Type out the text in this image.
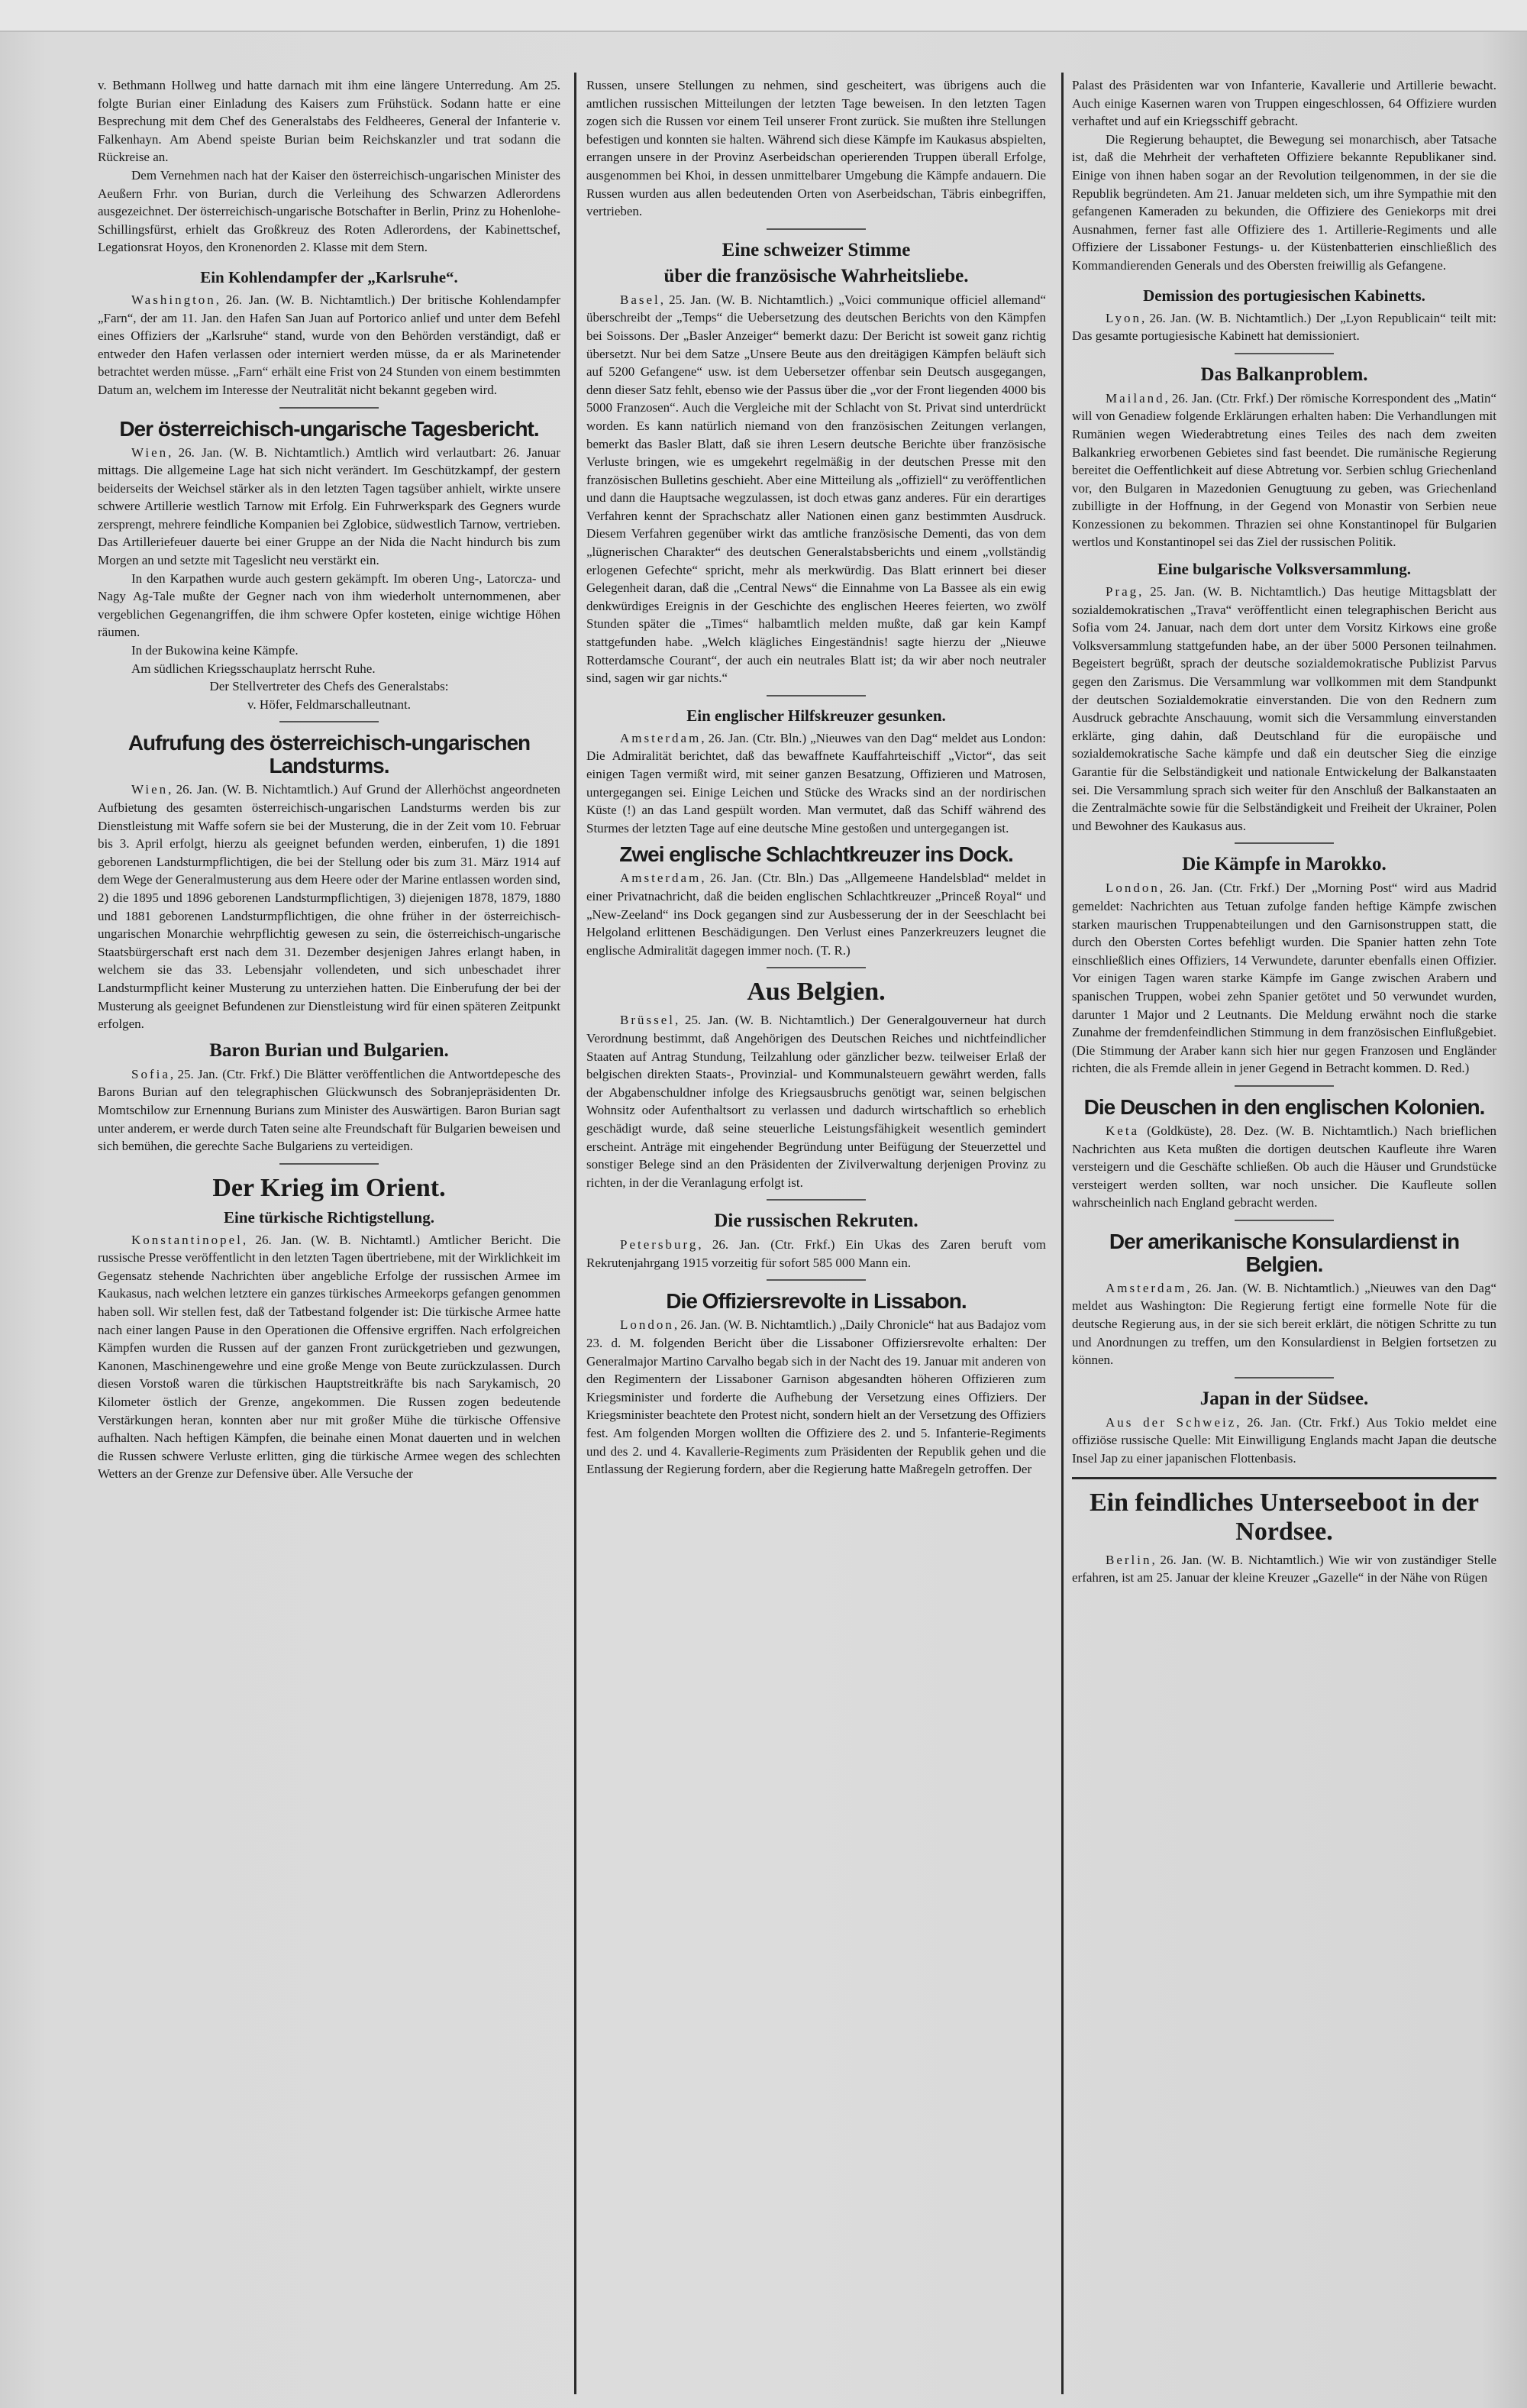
v. Bethmann Hollweg und hatte darnach mit ihm eine längere Unterredung. Am 25. folgte Burian einer Einladung des Kaisers zum Frühstück. Sodann hatte er eine Besprechung mit dem Chef des Generalstabs des Feldheeres, General der Infanterie v. Falkenhayn. Am Abend speiste Burian beim Reichskanzler und trat sodann die Rückreise an.

Dem Vernehmen nach hat der Kaiser den österreichisch-ungarischen Minister des Aeußern Frhr. von Burian, durch die Verleihung des Schwarzen Adlerordens ausgezeichnet. Der österreichisch-ungarische Botschafter in Berlin, Prinz zu Hohenlohe-Schillingsfürst, erhielt das Großkreuz des Roten Adlerordens, der Kabinettschef, Legationsrat Hoyos, den Kronenorden 2. Klasse mit dem Stern.

Ein Kohlendampfer der „Karlsruhe“.

Washington, 26. Jan. (W. B. Nichtamtlich.) Der britische Kohlendampfer „Farn“, der am 11. Jan. den Hafen San Juan auf Portorico anlief und unter dem Befehl eines Offiziers der „Karlsruhe“ stand, wurde von den Behörden verständigt, daß er entweder den Hafen verlassen oder interniert werden müsse, da er als Marinetender betrachtet werden müsse. „Farn“ erhält eine Frist von 24 Stunden von einem bestimmten Datum an, welchem im Interesse der Neutralität nicht bekannt gegeben wird.

Der österreichisch-ungarische Tagesbericht.

Wien, 26. Jan. (W. B. Nichtamtlich.) Amtlich wird verlautbart: 26. Januar mittags. Die allgemeine Lage hat sich nicht verändert. Im Geschützkampf, der gestern beiderseits der Weichsel stärker als in den letzten Tagen tagsüber anhielt, wirkte unsere schwere Artillerie westlich Tarnow mit Erfolg. Ein Fuhrwerkspark des Gegners wurde zersprengt, mehrere feindliche Kompanien bei Zglobice, südwestlich Tarnow, vertrieben. Das Artilleriefeuer dauerte bei einer Gruppe an der Nida die Nacht hindurch bis zum Morgen an und setzte mit Tageslicht neu verstärkt ein.

In den Karpathen wurde auch gestern gekämpft. Im oberen Ung-, Latorcza- und Nagy Ag-Tale mußte der Gegner nach von ihm wiederholt unternommenen, aber vergeblichen Gegenangriffen, die ihm schwere Opfer kosteten, einige wichtige Höhen räumen.

In der Bukowina keine Kämpfe.

Am südlichen Kriegsschauplatz herrscht Ruhe.

Der Stellvertreter des Chefs des Generalstabs:

v. Höfer, Feldmarschalleutnant.

Aufrufung des österreichisch-ungarischen Landsturms.

Wien, 26. Jan. (W. B. Nichtamtlich.) Auf Grund der Allerhöchst angeordneten Aufbietung des gesamten österreichisch-ungarischen Landsturms werden bis zur Dienstleistung mit Waffe sofern sie bei der Musterung, die in der Zeit vom 10. Februar bis 3. April erfolgt, hierzu als geeignet befunden werden, einberufen, 1) die 1891 geborenen Landsturmpflichtigen, die bei der Stellung oder bis zum 31. März 1914 auf dem Wege der Generalmusterung aus dem Heere oder der Marine entlassen worden sind, 2) die 1895 und 1896 geborenen Landsturmpflichtigen, 3) diejenigen 1878, 1879, 1880 und 1881 geborenen Landsturmpflichtigen, die ohne früher in der österreichisch-ungarischen Monarchie wehrpflichtig gewesen zu sein, die österreichisch-ungarische Staatsbürgerschaft erst nach dem 31. Dezember desjenigen Jahres erlangt haben, in welchem sie das 33. Lebensjahr vollendeten, und sich unbeschadet ihrer Landsturmpflicht keiner Musterung zu unterziehen hatten. Die Einberufung der bei der Musterung als geeignet Befundenen zur Dienstleistung wird für einen späteren Zeitpunkt erfolgen.

Baron Burian und Bulgarien.

Sofia, 25. Jan. (Ctr. Frkf.) Die Blätter veröffentlichen die Antwortdepesche des Barons Burian auf den telegraphischen Glückwunsch des Sobranjepräsidenten Dr. Momtschilow zur Ernennung Burians zum Minister des Auswärtigen. Baron Burian sagt unter anderem, er werde durch Taten seine alte Freundschaft für Bulgarien beweisen und sich bemühen, die gerechte Sache Bulgariens zu verteidigen.

Der Krieg im Orient.
Eine türkische Richtigstellung.

Konstantinopel, 26. Jan. (W. B. Nichtamtl.) Amtlicher Bericht. Die russische Presse veröffentlicht in den letzten Tagen übertriebene, mit der Wirklichkeit im Gegensatz stehende Nachrichten über angebliche Erfolge der russischen Armee im Kaukasus, nach welchen letztere ein ganzes türkisches Armeekorps gefangen genommen haben soll. Wir stellen fest, daß der Tatbestand folgender ist: Die türkische Armee hatte nach einer langen Pause in den Operationen die Offensive ergriffen. Nach erfolgreichen Kämpfen wurden die Russen auf der ganzen Front zurückgetrieben und gezwungen, Kanonen, Maschinengewehre und eine große Menge von Beute zurückzulassen. Durch diesen Vorstoß waren die türkischen Hauptstreitkräfte bis nach Sarykamisch, 20 Kilometer östlich der Grenze, angekommen. Die Russen zogen bedeutende Verstärkungen heran, konnten aber nur mit großer Mühe die türkische Offensive aufhalten. Nach heftigen Kämpfen, die beinahe einen Monat dauerten und in welchen die Russen schwere Verluste erlitten, ging die türkische Armee wegen des schlechten Wetters an der Grenze zur Defensive über. Alle Versuche der

Russen, unsere Stellungen zu nehmen, sind gescheitert, was übrigens auch die amtlichen russischen Mitteilungen der letzten Tage beweisen. In den letzten Tagen zogen sich die Russen vor einem Teil unserer Front zurück. Sie mußten ihre Stellungen befestigen und konnten sie halten. Während sich diese Kämpfe im Kaukasus abspielten, errangen unsere in der Provinz Aserbeidschan operierenden Truppen überall Erfolge, ausgenommen bei Khoi, in dessen unmittelbarer Umgebung die Kämpfe andauern. Die Russen wurden aus allen bedeutenden Orten von Aserbeidschan, Täbris einbegriffen, vertrieben.

Eine schweizer Stimme
über die französische Wahrheitsliebe.

Basel, 25. Jan. (W. B. Nichtamtlich.) „Voici communique officiel allemand“ überschreibt der „Temps“ die Uebersetzung des deutschen Berichts von den Kämpfen bei Soissons. Der „Basler Anzeiger“ bemerkt dazu: Der Bericht ist soweit ganz richtig übersetzt. Nur bei dem Satze „Unsere Beute aus den dreitägigen Kämpfen beläuft sich auf 5200 Gefangene“ usw. ist dem Uebersetzer offenbar sein Deutsch ausgegangen, denn dieser Satz fehlt, ebenso wie der Passus über die „vor der Front liegenden 4000 bis 5000 Franzosen“. Auch die Vergleiche mit der Schlacht von St. Privat sind unterdrückt worden. Es kann natürlich niemand von den französischen Zeitungen verlangen, bemerkt das Basler Blatt, daß sie ihren Lesern deutsche Berichte über französische Verluste bringen, wie es umgekehrt regelmäßig in der deutschen Presse mit den französischen Bulletins geschieht. Aber eine Mitteilung als „offiziell“ zu veröffentlichen und dann die Hauptsache wegzulassen, ist doch etwas ganz anderes. Für ein derartiges Verfahren kennt der Sprachschatz aller Nationen einen ganz bestimmten Ausdruck. Diesem Verfahren gegenüber wirkt das amtliche französische Dementi, das von dem „lügnerischen Charakter“ des deutschen Generalstabsberichts und einem „vollständig erlogenen Gefechte“ spricht, mehr als merkwürdig. Das Blatt erinnert bei dieser Gelegenheit daran, daß die „Central News“ die Einnahme von La Bassee als ein ewig denkwürdiges Ereignis in der Geschichte des englischen Heeres feierten, wo zwölf Stunden später die „Times“ halbamtlich melden mußte, daß gar kein Kampf stattgefunden habe. „Welch klägliches Eingeständnis! sagte hierzu der „Nieuwe Rotterdamsche Courant“, der auch ein neutrales Blatt ist; da wir aber noch neutraler sind, sagen wir gar nichts.“

Ein englischer Hilfskreuzer gesunken.

Amsterdam, 26. Jan. (Ctr. Bln.) „Nieuwes van den Dag“ meldet aus London: Die Admiralität berichtet, daß das bewaffnete Kauffahrteischiff „Victor“, das seit einigen Tagen vermißt wird, mit seiner ganzen Besatzung, Offizieren und Matrosen, untergegangen sei. Einige Leichen und Stücke des Wracks sind an der nordirischen Küste (!) an das Land gespült worden. Man vermutet, daß das Schiff während des Sturmes der letzten Tage auf eine deutsche Mine gestoßen und untergegangen ist.

Zwei englische Schlachtkreuzer ins Dock.

Amsterdam, 26. Jan. (Ctr. Bln.) Das „Allgemeene Handelsblad“ meldet in einer Privatnachricht, daß die beiden englischen Schlachtkreuzer „Princeß Royal“ und „New-Zeeland“ ins Dock gegangen sind zur Ausbesserung der in der Seeschlacht bei Helgoland erlittenen Beschädigungen. Den Verlust eines Panzerkreuzers leugnet die englische Admiralität dagegen immer noch. (T. R.)

Aus Belgien.

Brüssel, 25. Jan. (W. B. Nichtamtlich.) Der Generalgouverneur hat durch Verordnung bestimmt, daß Angehörigen des Deutschen Reiches und nichtfeindlicher Staaten auf Antrag Stundung, Teilzahlung oder gänzlicher bezw. teilweiser Erlaß der belgischen direkten Staats-, Provinzial- und Kommunalsteuern gewährt werden, falls der Abgabenschuldner infolge des Kriegsausbruchs genötigt war, seinen belgischen Wohnsitz oder Aufenthaltsort zu verlassen und dadurch wirtschaftlich so erheblich geschädigt wurde, daß seine steuerliche Leistungsfähigkeit wesentlich gemindert erscheint. Anträge mit eingehender Begründung unter Beifügung der Steuerzettel und sonstiger Belege sind an den Präsidenten der Zivilverwaltung derjenigen Provinz zu richten, in der die Veranlagung erfolgt ist.

Die russischen Rekruten.

Petersburg, 26. Jan. (Ctr. Frkf.) Ein Ukas des Zaren beruft vom Rekrutenjahrgang 1915 vorzeitig für sofort 585 000 Mann ein.

Die Offiziersrevolte in Lissabon.

London, 26. Jan. (W. B. Nichtamtlich.) „Daily Chronicle“ hat aus Badajoz vom 23. d. M. folgenden Bericht über die Lissaboner Offiziersrevolte erhalten: Der Generalmajor Martino Carvalho begab sich in der Nacht des 19. Januar mit anderen von den Regimentern der Lissaboner Garnison abgesandten höheren Offizieren zum Kriegsminister und forderte die Aufhebung der Versetzung eines Offiziers. Der Kriegsminister beachtete den Protest nicht, sondern hielt an der Versetzung des Offiziers fest. Am folgenden Morgen wollten die Offiziere des 2. und 5. Infanterie-Regiments und des 2. und 4. Kavallerie-Regiments zum Präsidenten der Republik gehen und die Entlassung der Regierung fordern, aber die Regierung hatte Maßregeln getroffen. Der

Palast des Präsidenten war von Infanterie, Kavallerie und Artillerie bewacht. Auch einige Kasernen waren von Truppen eingeschlossen, 64 Offiziere wurden verhaftet und auf ein Kriegsschiff gebracht.

Die Regierung behauptet, die Bewegung sei monarchisch, aber Tatsache ist, daß die Mehrheit der verhafteten Offiziere bekannte Republikaner sind. Einige von ihnen haben sogar an der Revolution teilgenommen, in der sie die Republik begründeten. Am 21. Januar meldeten sich, um ihre Sympathie mit den gefangenen Kameraden zu bekunden, die Offiziere des Geniekorps mit drei Ausnahmen, ferner fast alle Offiziere des 1. Artillerie-Regiments und alle Offiziere der Lissaboner Festungs- u. der Küstenbatterien einschließlich des Kommandierenden Generals und des Obersten freiwillig als Gefangene.

Demission des portugiesischen Kabinetts.

Lyon, 26. Jan. (W. B. Nichtamtlich.) Der „Lyon Republicain“ teilt mit: Das gesamte portugiesische Kabinett hat demissioniert.

Das Balkanproblem.

Mailand, 26. Jan. (Ctr. Frkf.) Der römische Korrespondent des „Matin“ will von Genadiew folgende Erklärungen erhalten haben: Die Verhandlungen mit Rumänien wegen Wiederabtretung eines Teiles des nach dem zweiten Balkankrieg erworbenen Gebietes sind fast beendet. Die rumänische Regierung bereitet die Oeffentlichkeit auf diese Abtretung vor. Serbien schlug Griechenland vor, den Bulgaren in Mazedonien Genugtuung zu geben, was Griechenland zubilligte in der Hoffnung, in der Gegend von Monastir von Serbien neue Konzessionen zu bekommen. Thrazien sei ohne Konstantinopel für Bulgarien wertlos und Konstantinopel sei das Ziel der russischen Politik.

Eine bulgarische Volksversammlung.

Prag, 25. Jan. (W. B. Nichtamtlich.) Das heutige Mittagsblatt der sozialdemokratischen „Trava“ veröffentlicht einen telegraphischen Bericht aus Sofia vom 24. Januar, nach dem dort unter dem Vorsitz Kirkows eine große Volksversammlung stattgefunden habe, an der über 5000 Personen teilnahmen. Begeistert begrüßt, sprach der deutsche sozialdemokratische Publizist Parvus gegen den Zarismus. Die Versammlung war vollkommen mit dem Standpunkt der deutschen Sozialdemokratie einverstanden. Die von den Rednern zum Ausdruck gebrachte Anschauung, womit sich die Versammlung einverstanden erklärte, ging dahin, daß Deutschland für die europäische und sozialdemokratische Sache kämpfe und daß ein deutscher Sieg die einzige Garantie für die Selbständigkeit und nationale Entwickelung der Balkanstaaten sei. Die Versammlung sprach sich weiter für den Anschluß der Balkanstaaten an die Zentralmächte sowie für die Selbständigkeit und Freiheit der Ukrainer, Polen und Bewohner des Kaukasus aus.

Die Kämpfe in Marokko.

London, 26. Jan. (Ctr. Frkf.) Der „Morning Post“ wird aus Madrid gemeldet: Nachrichten aus Tetuan zufolge fanden heftige Kämpfe zwischen starken maurischen Truppenabteilungen und den Garnisonstruppen statt, die durch den Obersten Cortes befehligt wurden. Die Spanier hatten zehn Tote einschließlich eines Offiziers, 14 Verwundete, darunter ebenfalls einen Offizier. Vor einigen Tagen waren starke Kämpfe im Gange zwischen Arabern und spanischen Truppen, wobei zehn Spanier getötet und 50 verwundet wurden, darunter 1 Major und 2 Leutnants. Die Meldung erwähnt noch die starke Zunahme der fremdenfeindlichen Stimmung in dem französischen Einflußgebiet. (Die Stimmung der Araber kann sich hier nur gegen Franzosen und Engländer richten, die als Fremde allein in jener Gegend in Betracht kommen. D. Red.)

Die Deuschen in den englischen Kolonien.

Keta (Goldküste), 28. Dez. (W. B. Nichtamtlich.) Nach brieflichen Nachrichten aus Keta mußten die dortigen deutschen Kaufleute ihre Waren versteigern und die Geschäfte schließen. Ob auch die Häuser und Grundstücke versteigert werden sollten, war noch unsicher. Die Kaufleute sollen wahrscheinlich nach England gebracht werden.

Der amerikanische Konsulardienst in Belgien.

Amsterdam, 26. Jan. (W. B. Nichtamtlich.) „Nieuwes van den Dag“ meldet aus Washington: Die Regierung fertigt eine formelle Note für die deutsche Regierung aus, in der sie sich bereit erklärt, die nötigen Schritte zu tun und Anordnungen zu treffen, um den Konsulardienst in Belgien fortsetzen zu können.

Japan in der Südsee.

Aus der Schweiz, 26. Jan. (Ctr. Frkf.) Aus Tokio meldet eine offiziöse russische Quelle: Mit Einwilligung Englands macht Japan die deutsche Insel Jap zu einer japanischen Flottenbasis.

Ein feindliches Unterseeboot in der Nordsee.

Berlin, 26. Jan. (W. B. Nichtamtlich.) Wie wir von zuständiger Stelle erfahren, ist am 25. Januar der kleine Kreuzer „Gazelle“ in der Nähe von Rügen
